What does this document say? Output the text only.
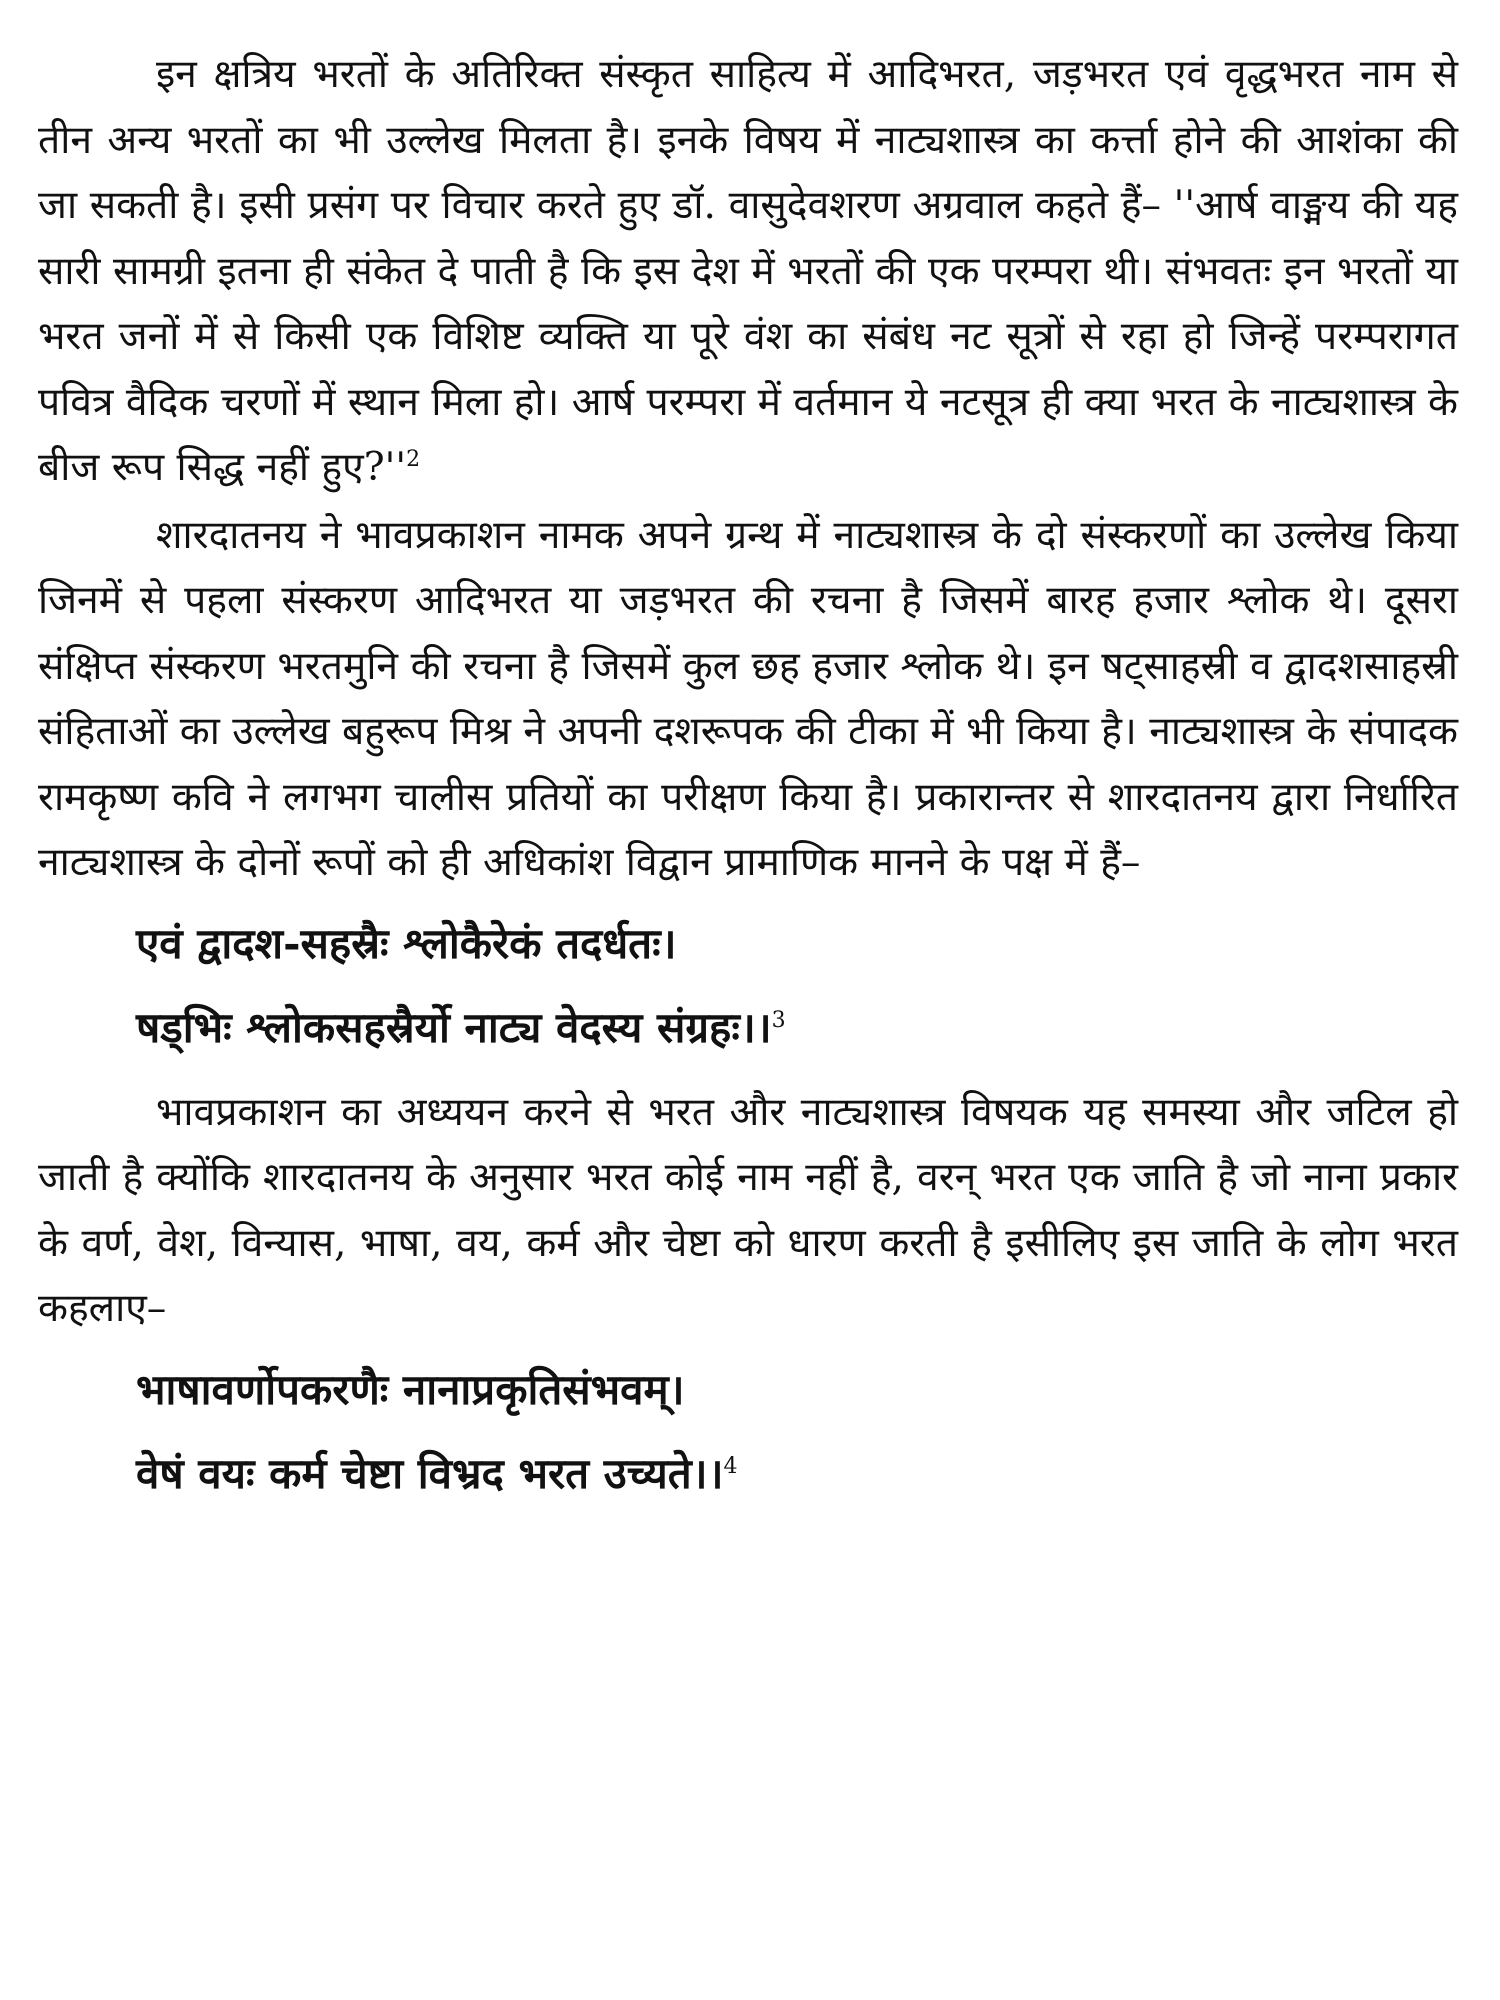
इन क्षत्रिय भरतों के अतिरिक्त संस्कृत साहित्य में आदिभरत, जड़भरत एवं वृद्धभरत नाम से तीन अन्य भरतों का भी उल्लेख मिलता है। इनके विषय में नाट्यशास्त्र का कर्त्ता होने की आशंका की जा सकती है। इसी प्रसंग पर विचार करते हुए डॉ. वासुदेवशरण अग्रवाल कहते हैं– ''आर्ष वाङ्मय की यह सारी सामग्री इतना ही संकेत दे पाती है कि इस देश में भरतों की एक परम्परा थी। संभवतः इन भरतों या भरत जनों में से किसी एक विशिष्ट व्यक्ति या पूरे वंश का संबंध नट सूत्रों से रहा हो जिन्हें परम्परागत पवित्र वैदिक चरणों में स्थान मिला हो। आर्ष परम्परा में वर्तमान ये नटसूत्र ही क्या भरत के नाट्यशास्त्र के बीज रूप सिद्ध नहीं $हुए?''^2$

शारदातनय ने भावप्रकाशन नामक अपने ग्रन्थ में नाट्यशास्त्र के दो संस्करणों का उल्लेख किया जिनमें से पहला संस्करण आदिभरत या जड़भरत की रचना है जिसमें बारह हजार श्लोक थे। दूसरा संक्षिप्त संस्करण भरतमुनि की रचना है जिसमें कुल छह हजार श्लोक थे। इन षट्साहस्री व द्वादशसाहस्री संहिताओं का उल्लेख बहुरूप मिश्र ने अपनी दशरूपक की टीका में भी किया है। नाट्यशास्त्र के संपादक रामकृष्ण कवि ने लगभग चालीस प्रतियों का परीक्षण किया है। प्रकारान्तर से शारदातनय द्वारा निर्धारित नाट्यशास्त्र के दोनों रूपों को ही अधिकांश विद्वान प्रामाणिक मानने के पक्ष में हैं–

एवं द्वादश-सहस्रैः श्लोकैरेकं तदर्धतः।
षड्भिः श्लोकसहस्रैर्यो नाट्य वेदस्य संग्रहः।।$^3$

भावप्रकाशन का अध्ययन करने से भरत और नाट्यशास्त्र विषयक यह समस्या और जटिल हो जाती है क्योंकि शारदातनय के अनुसार भरत कोई नाम नहीं है, वरन् भरत एक जाति है जो नाना प्रकार के वर्ण, वेश, विन्यास, भाषा, वय, कर्म और चेष्टा को धारण करती है इसीलिए इस जाति के लोग भरत कहलाए–

भाषावर्णोपकरणैः नानाप्रकृतिसंभवम्।
वेषं वयः कर्म चेष्टा विभ्रद भरत उच्यते।।$^4$
